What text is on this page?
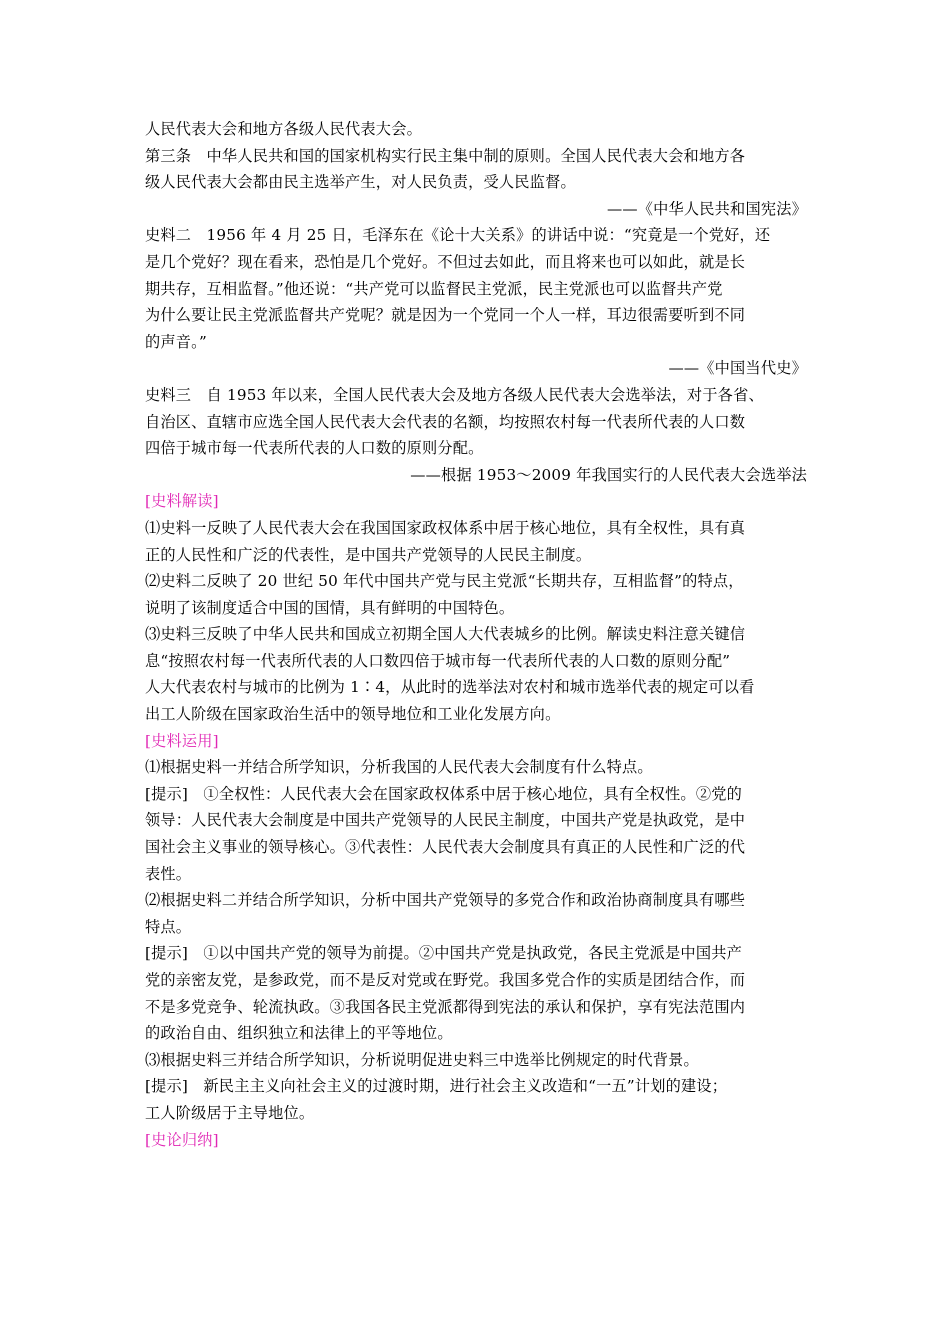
人民代表大会和地方各级人民代表大会。
第三条　中华人民共和国的国家机构实行民主集中制的原则。全国人民代表大会和地方各
级人民代表大会都由民主选举产生，对人民负责，受人民监督。
——《中华人民共和国宪法》
史料二　1956 年 4 月 25 日，毛泽东在《论十大关系》的讲话中说：“究竟是一个党好，还
是几个党好？现在看来，恐怕是几个党好。不但过去如此，而且将来也可以如此，就是长
期共存，互相监督。”他还说：“共产党可以监督民主党派，民主党派也可以监督共产党
为什么要让民主党派监督共产党呢？就是因为一个党同一个人一样，耳边很需要听到不同
的声音。”
——《中国当代史》
史料三　自 1953 年以来，全国人民代表大会及地方各级人民代表大会选举法，对于各省、
自治区、直辖市应选全国人民代表大会代表的名额，均按照农村每一代表所代表的人口数
四倍于城市每一代表所代表的人口数的原则分配。
——根据 1953～2009 年我国实行的人民代表大会选举法
[史料解读]
⑴史料一反映了人民代表大会在我国国家政权体系中居于核心地位，具有全权性，具有真
正的人民性和广泛的代表性，是中国共产党领导的人民民主制度。
⑵史料二反映了 20 世纪 50 年代中国共产党与民主党派“长期共存，互相监督”的特点，
说明了该制度适合中国的国情，具有鲜明的中国特色。
⑶史料三反映了中华人民共和国成立初期全国人大代表城乡的比例。解读史料注意关键信
息“按照农村每一代表所代表的人口数四倍于城市每一代表所代表的人口数的原则分配”
人大代表农村与城市的比例为 1∶4，从此时的选举法对农村和城市选举代表的规定可以看
出工人阶级在国家政治生活中的领导地位和工业化发展方向。
[史料运用]
⑴根据史料一并结合所学知识，分析我国的人民代表大会制度有什么特点。
[提示]　①全权性：人民代表大会在国家政权体系中居于核心地位，具有全权性。②党的
领导：人民代表大会制度是中国共产党领导的人民民主制度，中国共产党是执政党，是中
国社会主义事业的领导核心。③代表性：人民代表大会制度具有真正的人民性和广泛的代
表性。
⑵根据史料二并结合所学知识，分析中国共产党领导的多党合作和政治协商制度具有哪些
特点。
[提示]　①以中国共产党的领导为前提。②中国共产党是执政党，各民主党派是中国共产
党的亲密友党，是参政党，而不是反对党或在野党。我国多党合作的实质是团结合作，而
不是多党竞争、轮流执政。③我国各民主党派都得到宪法的承认和保护，享有宪法范围内
的政治自由、组织独立和法律上的平等地位。
⑶根据史料三并结合所学知识，分析说明促进史料三中选举比例规定的时代背景。
[提示]　新民主主义向社会主义的过渡时期，进行社会主义改造和“一五”计划的建设；
工人阶级居于主导地位。
[史论归纳]
